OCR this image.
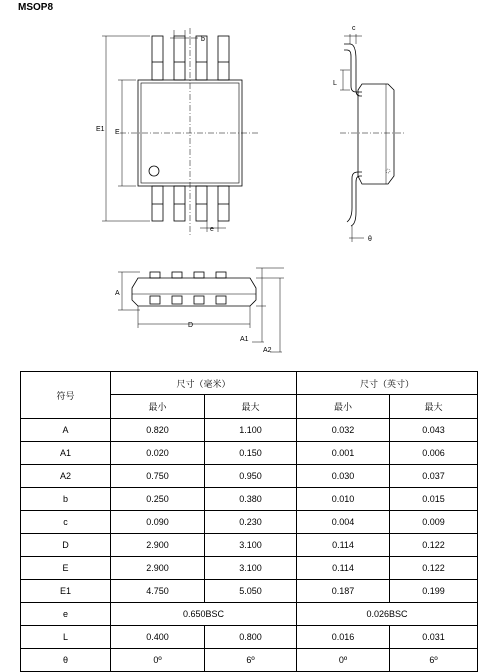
MSOP8
b
E1 E
e
c
L
θ
A
D
A1
A2
符号	尺寸（毫米）		尺寸（英寸）	
	最小	最大	最小	最大
A	0.820	1.100	0.032	0.043
A1	0.020	0.150	0.001	0.006
A2	0.750	0.950	0.030	0.037
b	0.250	0.380	0.010	0.015
c	0.090	0.230	0.004	0.009
D	2.900	3.100	0.114	0.122
E	2.900	3.100	0.114	0.122
E1	4.750	5.050	0.187	0.199
e	0.650BSC		0.026BSC	
L	0.400	0.800	0.016	0.031
θ	0º	6º	0º	6º
